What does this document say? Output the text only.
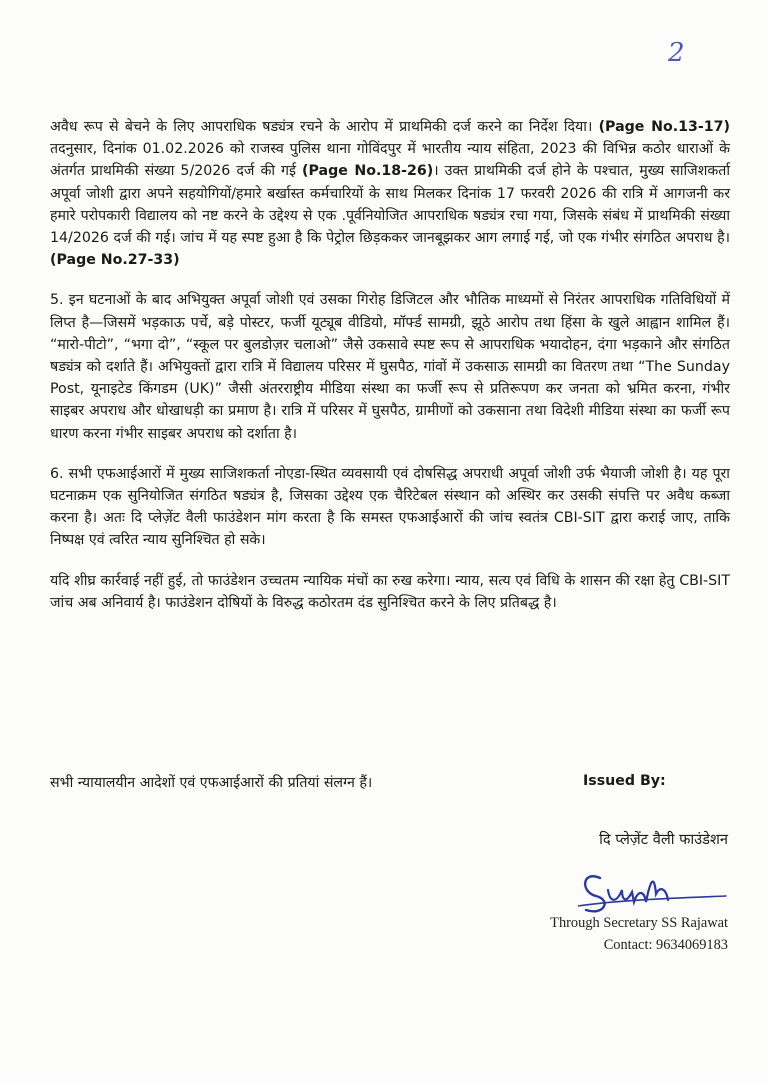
2

अवैध रूप से बेचने के लिए आपराधिक षड्यंत्र रचने के आरोप में प्राथमिकी दर्ज करने का निर्देश दिया। (Page No.13-17) तदनुसार, दिनांक 01.02.2026 को राजस्व पुलिस थाना गोविंदपुर में भारतीय न्याय संहिता, 2023 की विभिन्न कठोर धाराओं के अंतर्गत प्राथमिकी संख्या 5/2026 दर्ज की गई (Page No.18-26)। उक्त प्राथमिकी दर्ज होने के पश्चात, मुख्य साजिशकर्ता अपूर्वा जोशी द्वारा अपने सहयोगियों/हमारे बर्खास्त कर्मचारियों के साथ मिलकर दिनांक 17 फरवरी 2026 की रात्रि में आगजनी कर हमारे परोपकारी विद्यालय को नष्ट करने के उद्देश्य से एक .पूर्वनियोजित आपराधिक षड्यंत्र रचा गया, जिसके संबंध में प्राथमिकी संख्या 14/2026 दर्ज की गई। जांच में यह स्पष्ट हुआ है कि पेट्रोल छिड़ककर जानबूझकर आग लगाई गई, जो एक गंभीर संगठित अपराध है।(Page No.27-33)

5. इन घटनाओं के बाद अभियुक्त अपूर्वा जोशी एवं उसका गिरोह डिजिटल और भौतिक माध्यमों से निरंतर आपराधिक गतिविधियों में लिप्त है—जिसमें भड़काऊ पर्चे, बड़े पोस्टर, फर्जी यूट्यूब वीडियो, मॉर्फ्ड सामग्री, झूठे आरोप तथा हिंसा के खुले आह्वान शामिल हैं। “मारो-पीटो”, “भगा दो”, “स्कूल पर बुलडोज़र चलाओ” जैसे उकसावे स्पष्ट रूप से आपराधिक भयादोहन, दंगा भड़काने और संगठित षड्यंत्र को दर्शाते हैं। अभियुक्तों द्वारा रात्रि में विद्यालय परिसर में घुसपैठ, गांवों में उकसाऊ सामग्री का वितरण तथा “The Sunday Post, यूनाइटेड किंगडम (UK)” जैसी अंतरराष्ट्रीय मीडिया संस्था का फर्जी रूप से प्रतिरूपण कर जनता को भ्रमित करना, गंभीर साइबर अपराध और धोखाधड़ी का प्रमाण है। रात्रि में परिसर में घुसपैठ, ग्रामीणों को उकसाना तथा विदेशी मीडिया संस्था का फर्जी रूप धारण करना गंभीर साइबर अपराध को दर्शाता है।

6. सभी एफआईआरों में मुख्य साजिशकर्ता नोएडा-स्थित व्यवसायी एवं दोषसिद्ध अपराधी अपूर्वा जोशी उर्फ भैयाजी जोशी है। यह पूरा घटनाक्रम एक सुनियोजित संगठित षड्यंत्र है, जिसका उद्देश्य एक चैरिटेबल संस्थान को अस्थिर कर उसकी संपत्ति पर अवैध कब्जा करना है। अतः दि प्लेज़ेंट वैली फाउंडेशन मांग करता है कि समस्त एफआईआरों की जांच स्वतंत्र CBI-SIT द्वारा कराई जाए, ताकि निष्पक्ष एवं त्वरित न्याय सुनिश्चित हो सके।

यदि शीघ्र कार्रवाई नहीं हुई, तो फाउंडेशन उच्चतम न्यायिक मंचों का रुख करेगा। न्याय, सत्य एवं विधि के शासन की रक्षा हेतु CBI-SIT जांच अब अनिवार्य है। फाउंडेशन दोषियों के विरुद्ध कठोरतम दंड सुनिश्चित करने के लिए प्रतिबद्ध है।

सभी न्यायालयीन आदेशों एवं एफआईआरों की प्रतियां संलग्न हैं।	Issued By:
दि प्लेज़ेंट वैली फाउंडेशन
Through Secretary SS Rajawat
Contact: 9634069183
